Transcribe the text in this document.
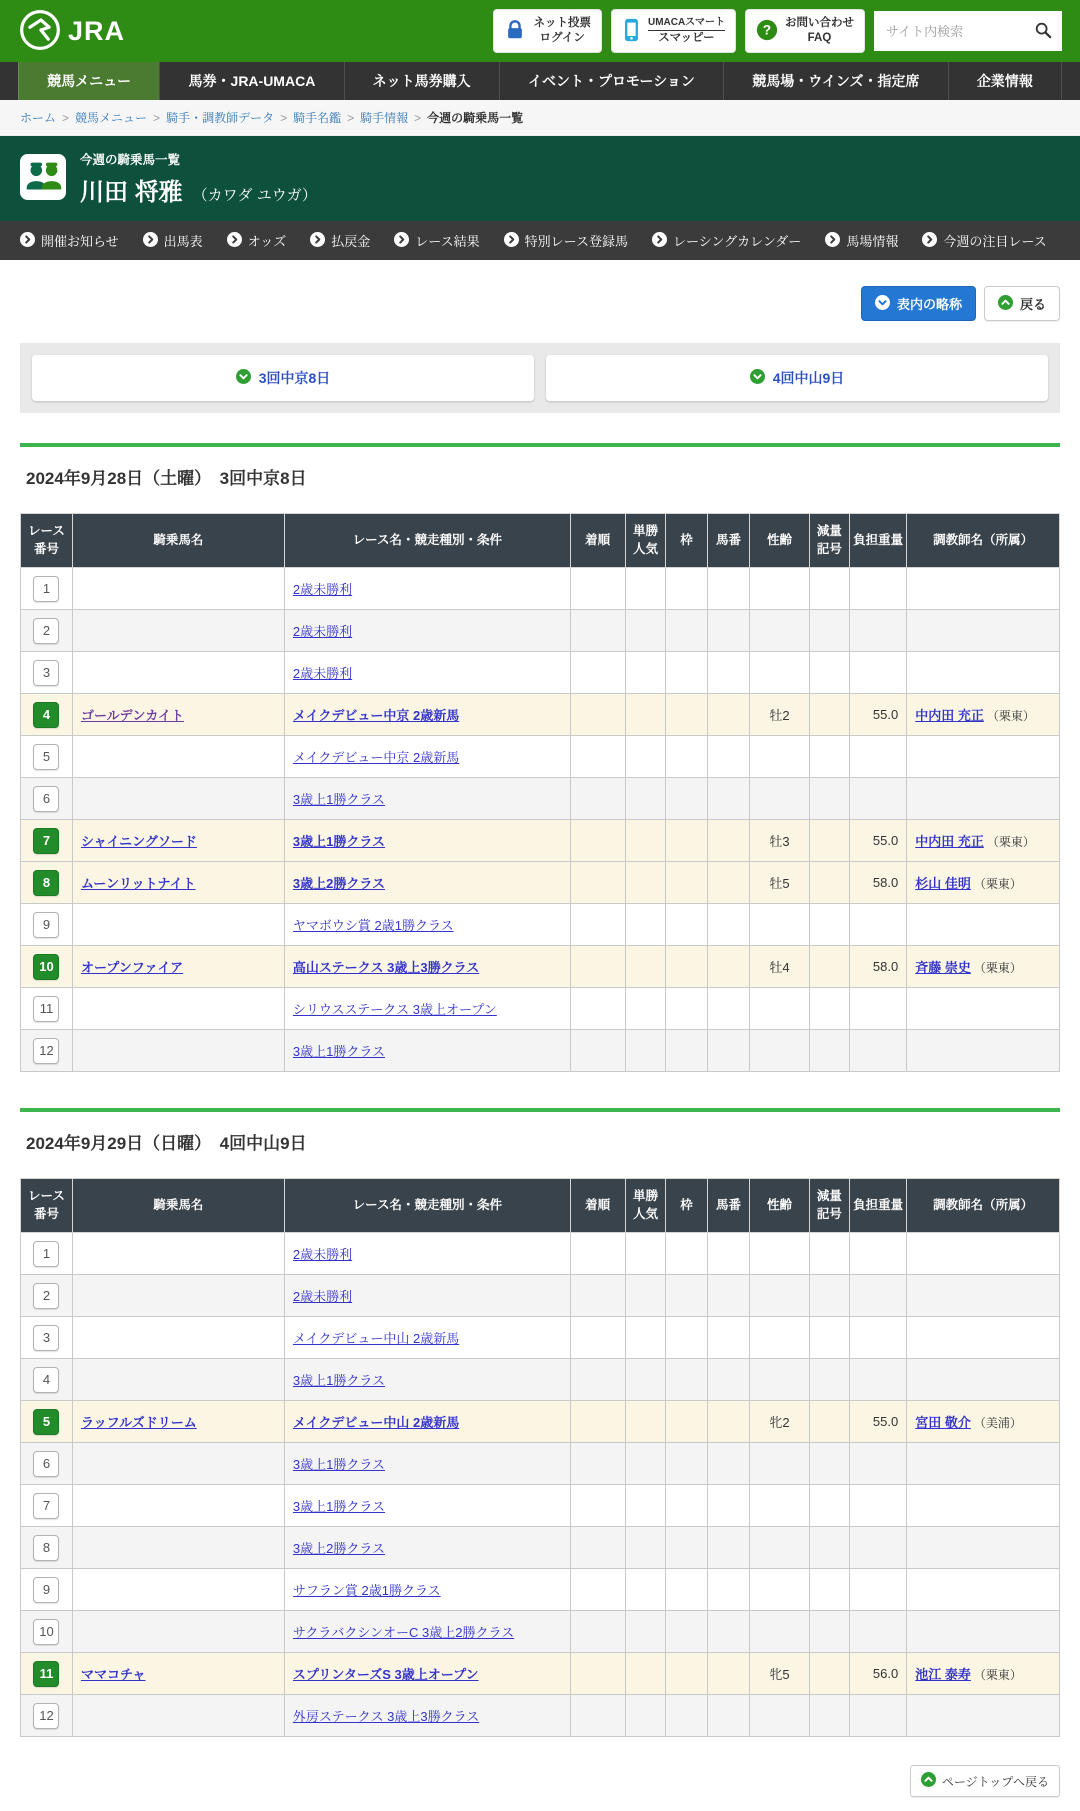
JRA	ネット投票
ログイン
UMACAスマート
スマッピー
? お問い合わせ
FAQ
サイト内検索
競馬メニュー	馬券・JRA-UMACA	ネット馬券購入	イベント・プロモーション	競馬場・ウインズ・指定席	企業情報
ホーム > 競馬メニュー > 騎手・調教師データ > 騎手名鑑 > 騎手情報 > 今週の騎乗馬一覧
今週の騎乗馬一覧
川田 将雅 （カワダ ユウガ）
開催お知らせ	出馬表	オッズ	払戻金	レース結果	特別レース登録馬	レーシングカレンダー	馬場情報	今週の注目レース
表内の略称	戻る
3回中京8日	4回中山9日
2024年9月28日（土曜）　3回中京8日
レース番号	騎乗馬名	レース名・競走種別・条件	着順	単勝人気	枠	馬番	性齢	減量記号	負担重量	調教師名（所属）
1		2歳未勝利								
2		2歳未勝利								
3		2歳未勝利								
4	ゴールデンカイト	メイクデビュー中京 2歳新馬					牡2		55.0	中内田 充正 （栗東）
5		メイクデビュー中京 2歳新馬								
6		3歳上1勝クラス								
7	シャイニングソード	3歳上1勝クラス					牡3		55.0	中内田 充正 （栗東）
8	ムーンリットナイト	3歳上2勝クラス					牡5		58.0	杉山 佳明 （栗東）
9		ヤマボウシ賞 2歳1勝クラス								
10	オープンファイア	高山ステークス 3歳上3勝クラス					牡4		58.0	斉藤 崇史 （栗東）
11		シリウスステークス 3歳上オープン								
12		3歳上1勝クラス								
2024年9月29日（日曜）　4回中山9日
レース番号	騎乗馬名	レース名・競走種別・条件	着順	単勝人気	枠	馬番	性齢	減量記号	負担重量	調教師名（所属）
1		2歳未勝利								
2		2歳未勝利								
3		メイクデビュー中山 2歳新馬								
4		3歳上1勝クラス								
5	ラッフルズドリーム	メイクデビュー中山 2歳新馬					牝2		55.0	宮田 敬介 （美浦）
6		3歳上1勝クラス								
7		3歳上1勝クラス								
8		3歳上2勝クラス								
9		サフラン賞 2歳1勝クラス								
10		サクラバクシンオーC 3歳上2勝クラス								
11	ママコチャ	スプリンターズS 3歳上オープン					牝5		56.0	池江 泰寿 （栗東）
12		外房ステークス 3歳上3勝クラス								
ページトップへ戻る
